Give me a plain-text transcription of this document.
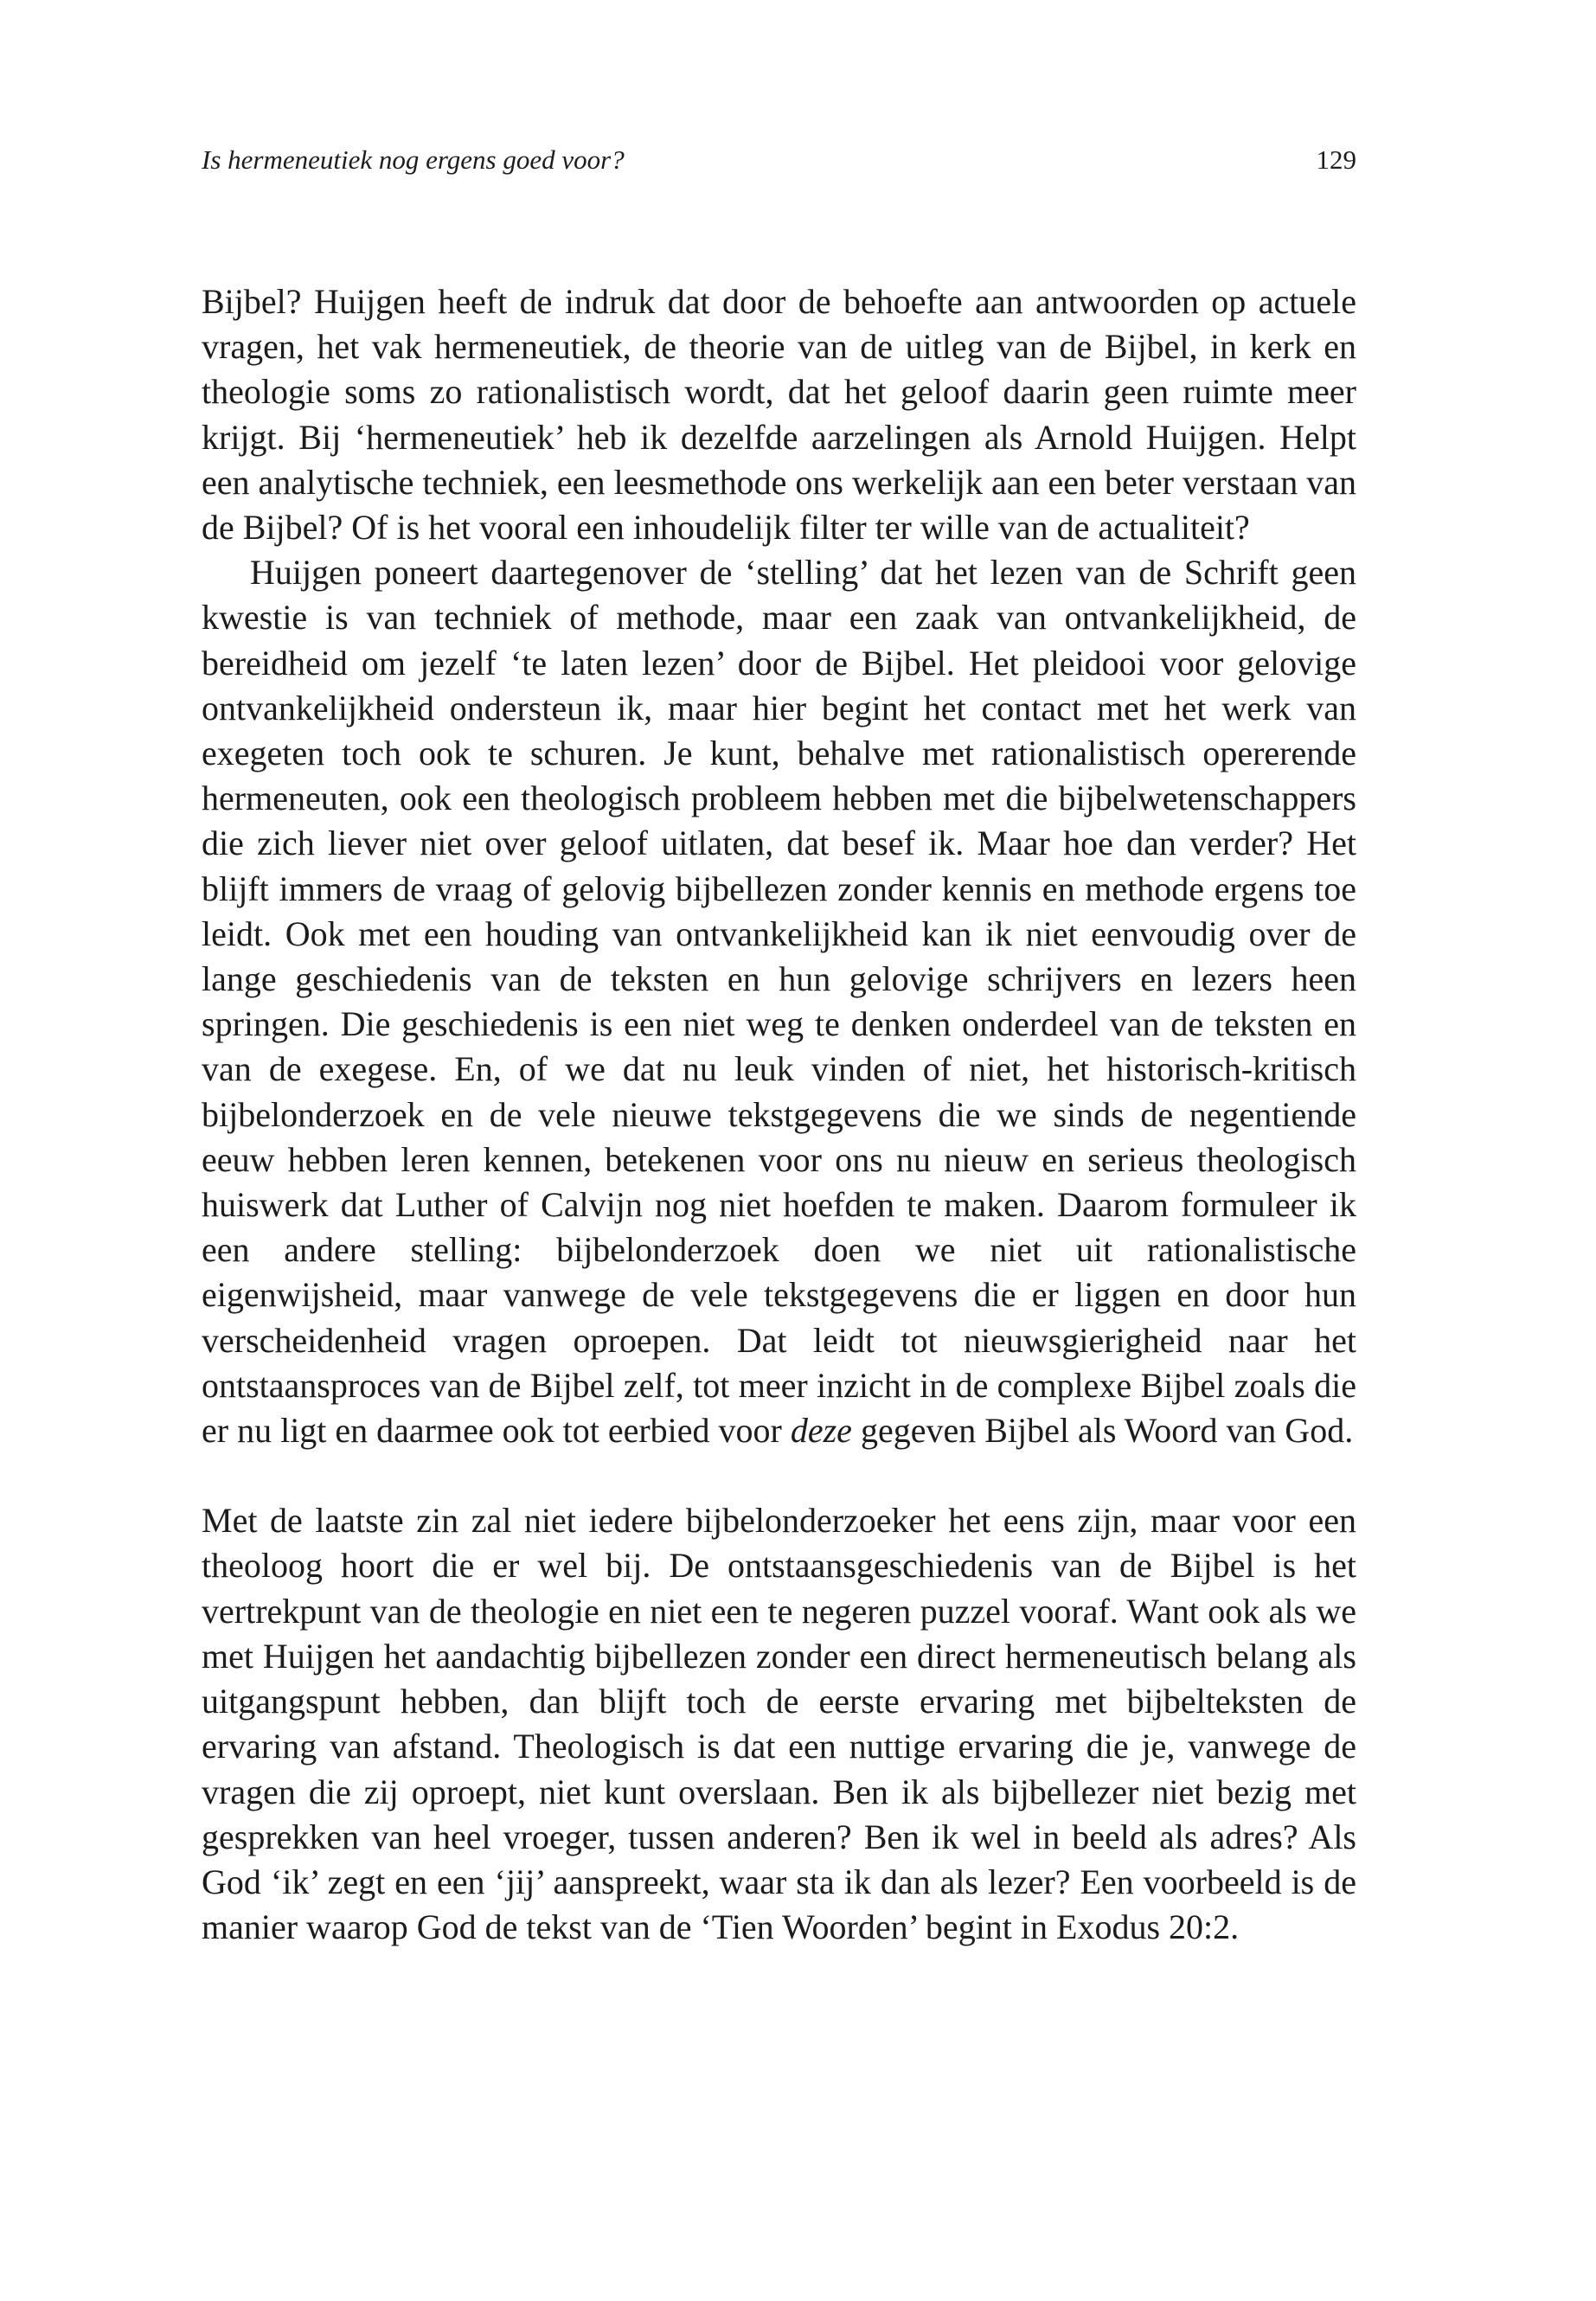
Is hermeneutiek nog ergens goed voor?	129

Bijbel? Huijgen heeft de indruk dat door de behoefte aan antwoorden op actuele vragen, het vak hermeneutiek, de theorie van de uitleg van de Bijbel, in kerk en theologie soms zo rationalistisch wordt, dat het geloof daarin geen ruimte meer krijgt. Bij ‘hermeneutiek’ heb ik dezelfde aarzelingen als Arnold Huijgen. Helpt een analytische techniek, een leesmethode ons werkelijk aan een beter verstaan van de Bijbel? Of is het vooral een inhoudelijk filter ter wille van de actualiteit?

Huijgen poneert daartegenover de ‘stelling’ dat het lezen van de Schrift geen kwestie is van techniek of methode, maar een zaak van ontvankelijkheid, de bereidheid om jezelf ‘te laten lezen’ door de Bijbel. Het pleidooi voor gelovige ontvankelijkheid ondersteun ik, maar hier begint het contact met het werk van exegeten toch ook te schuren. Je kunt, behalve met rationalistisch opererende hermeneuten, ook een theologisch probleem hebben met die bijbelwetenschappers die zich liever niet over geloof uitlaten, dat besef ik. Maar hoe dan verder? Het blijft immers de vraag of gelovig bijbellezen zonder kennis en methode ergens toe leidt. Ook met een houding van ontvankelijkheid kan ik niet eenvoudig over de lange geschiedenis van de teksten en hun gelovige schrijvers en lezers heen springen. Die geschiedenis is een niet weg te denken onderdeel van de teksten en van de exegese. En, of we dat nu leuk vinden of niet, het historisch-kritisch bijbelonderzoek en de vele nieuwe tekstgegevens die we sinds de negentiende eeuw hebben leren kennen, betekenen voor ons nu nieuw en serieus theologisch huiswerk dat Luther of Calvijn nog niet hoefden te maken. Daarom formuleer ik een andere stelling: bijbelonderzoek doen we niet uit rationalistische eigenwijsheid, maar vanwege de vele tekstgegevens die er liggen en door hun verscheidenheid vragen oproepen. Dat leidt tot nieuwsgierigheid naar het ontstaansproces van de Bijbel zelf, tot meer inzicht in de complexe Bijbel zoals die er nu ligt en daarmee ook tot eerbied voor deze gegeven Bijbel als Woord van God.

Met de laatste zin zal niet iedere bijbelonderzoeker het eens zijn, maar voor een theoloog hoort die er wel bij. De ontstaansgeschiedenis van de Bijbel is het vertrekpunt van de theologie en niet een te negeren puzzel vooraf. Want ook als we met Huijgen het aandachtig bijbellezen zonder een direct hermeneutisch belang als uitgangspunt hebben, dan blijft toch de eerste ervaring met bijbelteksten de ervaring van afstand. Theologisch is dat een nuttige ervaring die je, vanwege de vragen die zij oproept, niet kunt overslaan. Ben ik als bijbellezer niet bezig met gesprekken van heel vroeger, tussen anderen? Ben ik wel in beeld als adres? Als God ‘ik’ zegt en een ‘jij’ aanspreekt, waar sta ik dan als lezer? Een voorbeeld is de manier waarop God de tekst van de ‘Tien Woorden’ begint in Exodus 20:2.
